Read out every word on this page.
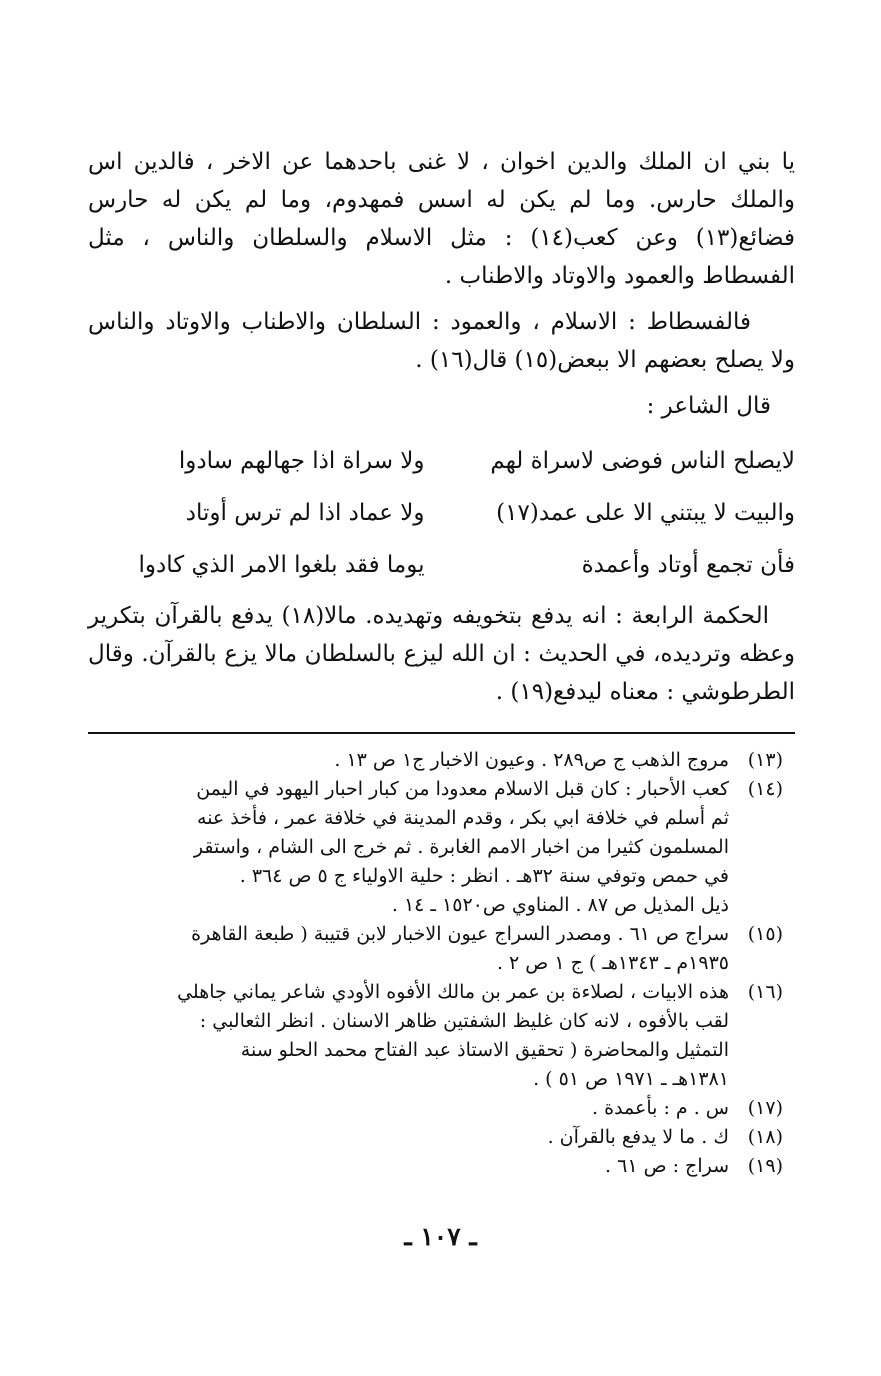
يا بني ان الملك والدين اخوان ، لا غنى باحدهما عن الاخر ، فالدين اس والملك حارس. وما لم يكن له اسس فمهدوم، وما لم يكن له حارس فضائع(١٣) وعن كعب(١٤) : مثل الاسلام والسلطان والناس ، مثل الفسطاط والعمود والاوتاد والاطناب .

فالفسطاط : الاسلام ، والعمود : السلطان والاطناب والاوتاد والناس ولا يصلح بعضهم الا ببعض(١٥) قال(١٦) .

قال الشاعر :

لايصلح الناس فوضى لاسراة لهم
ولا سراة اذا جهالهم سادوا
والبيت لا يبتني الا على عمد(١٧)
ولا عماد اذا لم ترس أوتاد
فأن تجمع أوتاد وأعمدة
يوما فقد بلغوا الامر الذي كادوا

الحكمة الرابعة : انه يدفع بتخويفه وتهديده. مالا(١٨) يدفع بالقرآن بتكرير وعظه وترديده، في الحديث : ان الله ليزع بالسلطان مالا يزع بالقرآن. وقال الطرطوشي : معناه ليدفع(١٩) .

(١٣)
مروج الذهب ج ص٢٨٩ . وعيون الاخبار ج١ ص ١٣ .
(١٤)
كعب الأحبار : كان قبل الاسلام معدودا من كبار احبار اليهود في اليمن
ثم أسلم في خلافة ابي بكر ، وقدم المدينة في خلافة عمر ، فأخذ عنه
المسلمون كثيرا من اخبار الامم الغابرة . ثم خرج الى الشام ، واستقر
في حمص وتوفي سنة ٣٢هـ . انظر : حلية الاولياء ج ٥ ص ٣٦٤ .
ذيل المذيل ص ٨٧ . المناوي ص١٥٢٠ ـ ١٤ .
(١٥)
سراج ص ٦١ . ومصدر السراج عيون الاخبار لابن قتيبة ( طبعة القاهرة
١٩٣٥م ـ ١٣٤٣هـ ) ج ١ ص ٢ .
(١٦)
هذه الابيات ، لصلاءة بن عمر بن مالك الأفوه الأودي شاعر يماني جاهلي
لقب بالأفوه ، لانه كان غليظ الشفتين ظاهر الاسنان . انظر الثعالبي :
التمثيل والمحاضرة ( تحقيق الاستاذ عبد الفتاح محمد الحلو سنة
١٣٨١هـ ـ ١٩٧١ ص ٥١ ) .
(١٧)
س . م : بأعمدة .
(١٨)
ك . ما لا يدفع بالقرآن .
(١٩)
سراج : ص ٦١ .
ـ ١٠٧ ـ
